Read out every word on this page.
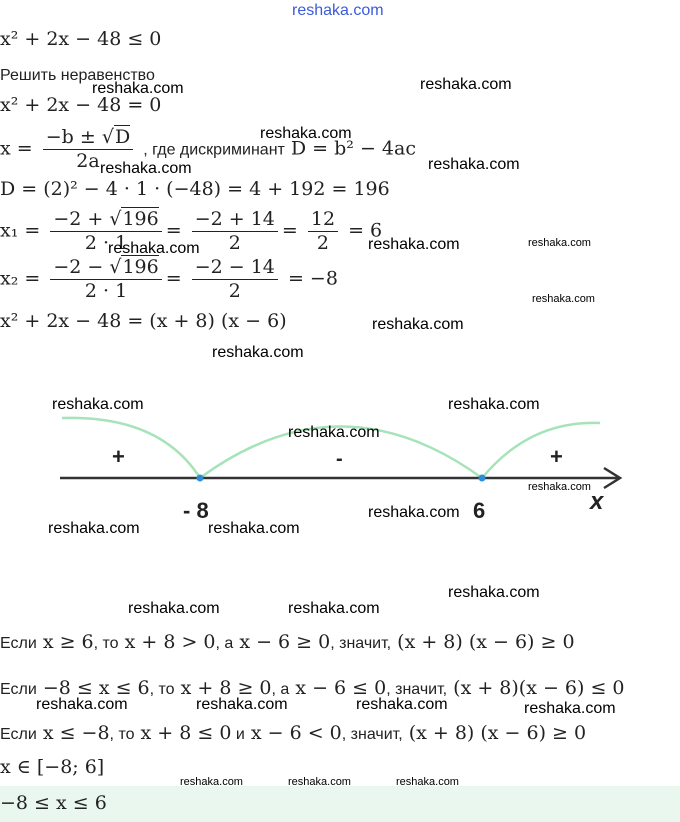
reshaka.com
x² + 2x − 48 ≤ 0
Решить неравенство
x² + 2x − 48 = 0
$x = \frac{-b \pm √D}{2a}$ , где дискриминант D = b² − 4ac
D = (2)² − 4 · 1 · (−48) = 4 + 192 = 196
$x_1 = \frac{-2 + √196}{2 \cdot 1} = \frac{-2 + 14}{2} = \frac{12}{2} = 6$
$x_2 = \frac{-2 - √196}{2 \cdot 1} = \frac{-2 - 14}{2} = -8$
x² + 2x − 48 = (x + 8) (x − 6)
+	-	+
- 8	6	x
Если x ≥ 6, то x + 8 > 0, а x − 6 ≥ 0, значит, (x + 8) (x − 6) ≥ 0
Если −8 ≤ x ≤ 6, то x + 8 ≥ 0, а x − 6 ≤ 0, значит, (x + 8)(x − 6) ≤ 0
Если x ≤ −8, то x + 8 ≤ 0 и x − 6 < 0, значит, (x + 8) (x − 6) ≥ 0
x ∈ [−8; 6]
−8 ≤ x ≤ 6
reshaka.com	reshaka.com
reshaka.com
reshaka.com	reshaka.com
reshaka.com	reshaka.com	reshaka.com
reshaka.com
reshaka.com
reshaka.com
reshaka.com	reshaka.com
reshaka.com
reshaka.com
reshaka.com	reshaka.com
reshaka.com
reshaka.com
reshaka.com	reshaka.com
reshaka.com	reshaka.com	reshaka.com	reshaka.com
reshaka.com	reshaka.com	reshaka.com
